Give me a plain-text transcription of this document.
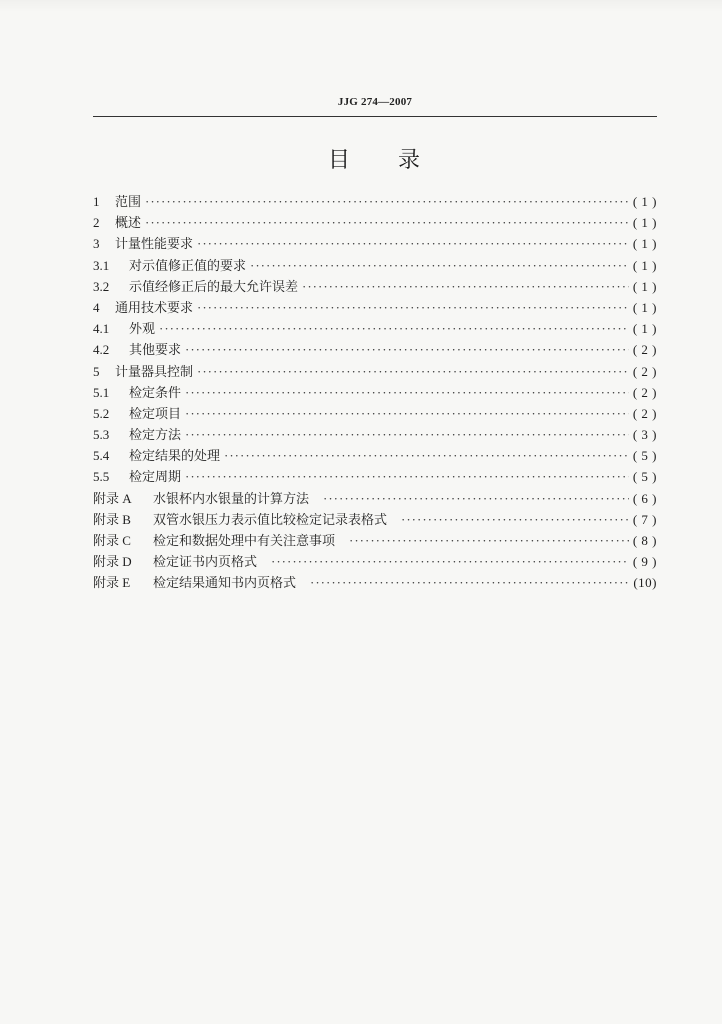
JJG 274—2007
目 录
1	范围 ·····	( 1 )
2	概述 ·····	( 1 )
3	计量性能要求 ·····	( 1 )
3.1	对示值修正值的要求 ·····	( 1 )
3.2	示值经修正后的最大允许误差 ·····	( 1 )
4	通用技术要求 ·····	( 1 )
4.1	外观 ·····	( 1 )
4.2	其他要求 ·····	( 2 )
5	计量器具控制 ·····	( 2 )
5.1	检定条件 ·····	( 2 )
5.2	检定项目 ·····	( 2 )
5.3	检定方法 ·····	( 3 )
5.4	检定结果的处理 ·····	( 5 )
5.5	检定周期 ·····	( 5 )
附录 A	水银杯内水银量的计算方法 ·····	( 6 )
附录 B	双管水银压力表示值比较检定记录表格式 ·····	( 7 )
附录 C	检定和数据处理中有关注意事项 ·····	( 8 )
附录 D	检定证书内页格式 ·····	( 9 )
附录 E	检定结果通知书内页格式 ·····	(10)
